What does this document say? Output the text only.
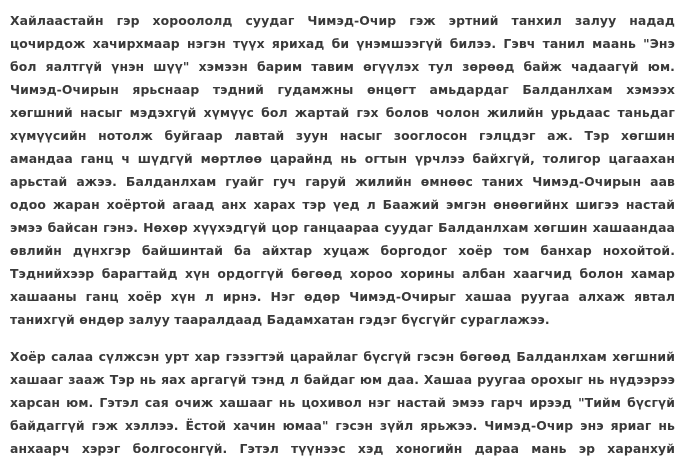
Хайлаастайн гэр хороололд суудаг Чимэд-Очир гэж эртний танхил залуу надад
цочирдож хачирхмаар нэгэн түүх ярихад би үнэмшээгүй билээ. Гэвч танил маань "Энэ
бол яалтгүй үнэн шүү" хэмээн барим тавим өгүүлэх тул зөрөөд байж чадаагүй юм.
Чимэд-Очирын ярьснаар тэдний гудамжны өнцөгт амьдардаг Балданлхам хэмээх
хөгшний насыг мэдэхгүй хүмүүс бол жартай гэх болов чолон жилийн урьдаас таньдаг
хүмүүсийн нотолж буйгаар лавтай зуун насыг зооглосон гэлцдэг аж. Тэр хөгшин
амандаа ганц ч шүдгүй мөртлөө царайнд нь огтын үрчлээ байхгүй, толигор цагаахан
арьстай ажээ. Балданлхам гуайг гуч гаруй жилийн өмнөөс таних Чимэд-Очирын аав
одоо жаран хоёртой агаад анх харах тэр үед л Баажий эмгэн өнөөгийнх шигээ настай
эмээ байсан гэнэ. Нөхөр хүүхэдгүй цор ганцаараа суудаг Балданлхам хөгшин хашаандаа
өвлийн дүнхгэр байшинтай ба айхтар хуцаж боргодог хоёр том банхар нохойтой.
Тэднийхээр барагтайд хүн ордоггүй бөгөөд хороо хорины албан хаагчид болон хамар
хашааны ганц хоёр хүн л ирнэ. Нэг өдөр Чимэд-Очирыг хашаа руугаа алхаж явтал
танихгүй өндөр залуу тааралдаад Бадамхатан гэдэг бүсгүйг сураглажээ.
Хоёр салаа сүлжсэн урт хар гэзэгтэй царайлаг бүсгүй гэсэн бөгөөд Балданлхам хөгшний
хашааг зааж Тэр нь яах аргагүй тэнд л байдаг юм даа. Хашаа руугаа орохыг нь нүдээрээ
харсан юм. Гэтэл сая очиж хашааг нь цохивол нэг настай эмээ гарч ирээд "Тийм бүсгүй
байдаггүй гэж хэллээ. Ёстой хачин юмаа" гэсэн зүйл ярьжээ. Чимэд-Очир энэ яриаг нь
анхаарч хэрэг болгосонгүй. Гэтэл түүнээс хэд хоногийн дараа мань эр харанхуй
